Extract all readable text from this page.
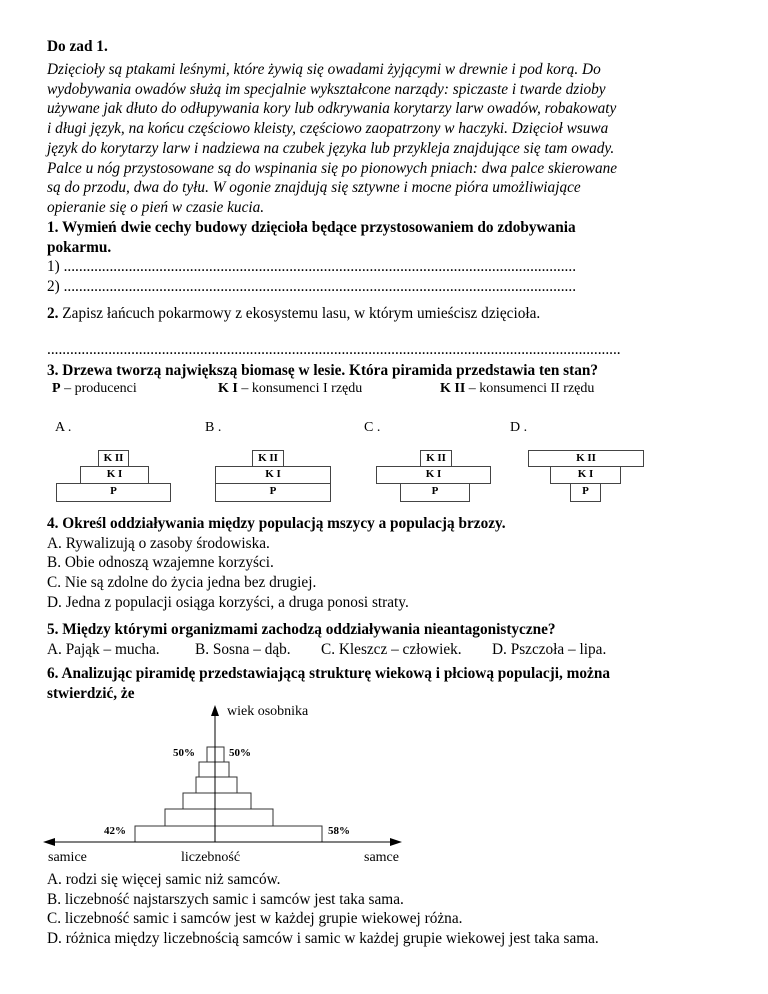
Do zad 1.
Dzięcioły są ptakami leśnymi, które żywią się owadami żyjącymi w drewnie i pod korą. Do
wydobywania owadów służą im specjalnie wykształcone narządy: spiczaste i twarde dzioby
używane jak dłuto do odłupywania kory lub odkrywania korytarzy larw owadów, robakowaty
i długi język, na końcu częściowo kleisty, częściowo zaopatrzony w haczyki. Dzięcioł wsuwa
język do korytarzy larw i nadziewa na czubek języka lub przykleja znajdujące się tam owady.
Palce u nóg przystosowane są do wspinania się po pionowych pniach: dwa palce skierowane
są do przodu, dwa do tyłu. W ogonie znajdują się sztywne i mocne pióra umożliwiające
opieranie się o pień w czasie kucia.
1. Wymień dwie cechy budowy dzięcioła będące przystosowaniem do zdobywania
pokarmu.
1) ......................................................................................................................................
2) ......................................................................................................................................
2. Zapisz łańcuch pokarmowy z ekosystemu lasu, w którym umieścisz dzięcioła.
......................................................................................................................................................
3. Drzewa tworzą największą biomasę w lesie. Która piramida przedstawia ten stan?
P – producenci	K I – konsumenci I rzędu	K II – konsumenci II rzędu
A .	B .	C .	D .
K II
K I
P
K II
K I
P
K II
K I
P
K II
K I
P
4. Określ oddziaływania między populacją mszycy a populacją brzozy.
A. Rywalizują o zasoby środowiska.
B. Obie odnoszą wzajemne korzyści.
C. Nie są zdolne do życia jedna bez drugiej.
D. Jedna z populacji osiąga korzyści, a druga ponosi straty.
5. Między którymi organizmami zachodzą oddziaływania nieantagonistyczne?
A. Pająk – mucha. B. Sosna – dąb. C. Kleszcz – człowiek. D. Pszczoła – lipa.
6. Analizując piramidę przedstawiającą strukturę wiekową i płciową populacji, można
stwierdzić, że
wiek osobnika
50%	50%
42%	58%
samice	liczebność	samce
A. rodzi się więcej samic niż samców.
B. liczebność najstarszych samic i samców jest taka sama.
C. liczebność samic i samców jest w każdej grupie wiekowej różna.
D. różnica między liczebnością samców i samic w każdej grupie wiekowej jest taka sama.
